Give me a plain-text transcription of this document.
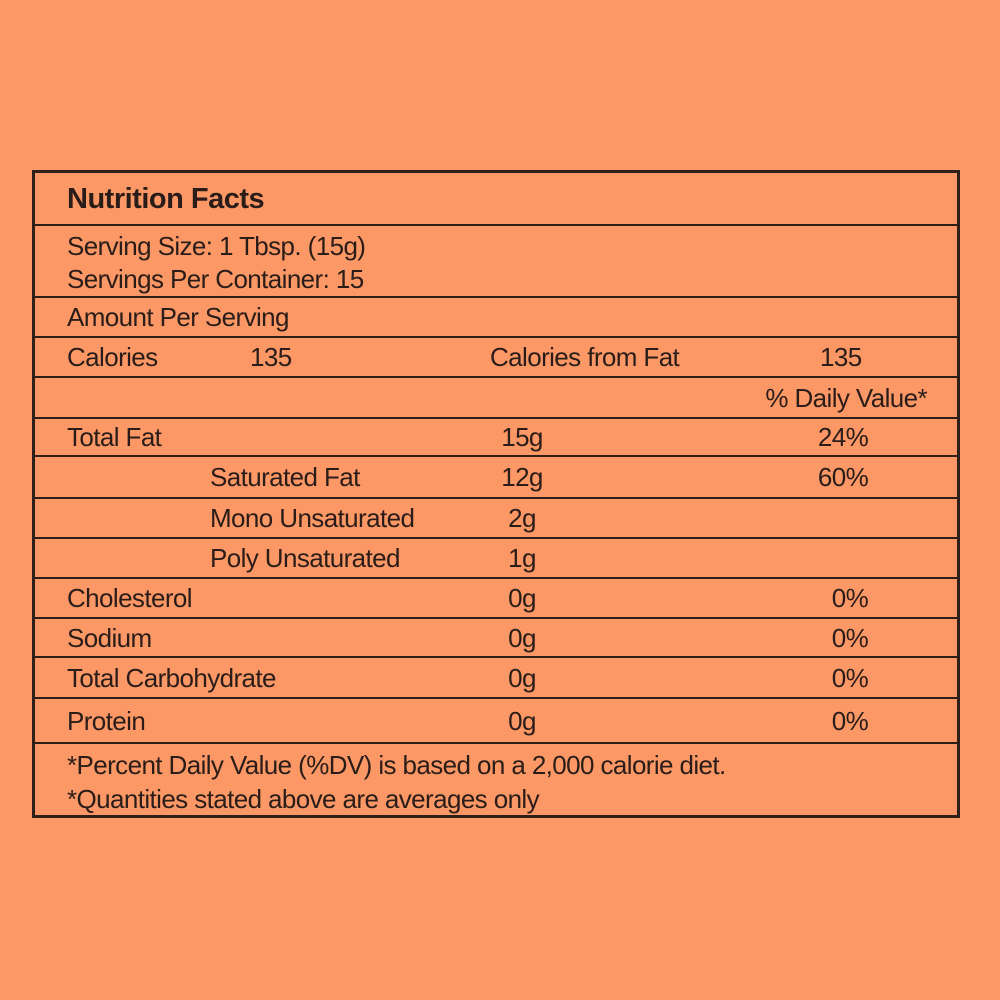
Nutrition Facts
Serving Size: 1 Tbsp. (15g)
Servings Per Container: 15
Amount Per Serving
Calories	135	Calories from Fat	135
% Daily Value*
Total Fat	15g	24%
Saturated Fat	12g	60%
Mono Unsaturated	2g
Poly Unsaturated	1g
Cholesterol	0g	0%
Sodium	0g	0%
Total Carbohydrate	0g	0%
Protein	0g	0%
*Percent Daily Value (%DV) is based on a 2,000 calorie diet.
*Quantities stated above are averages only
